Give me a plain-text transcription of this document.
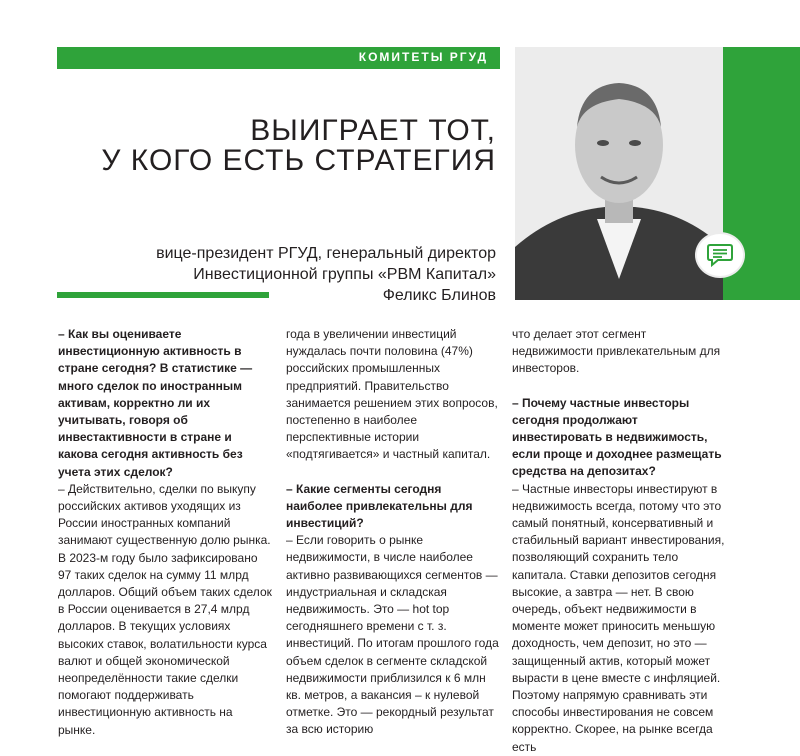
КОМИТЕТЫ РГУД
ВЫИГРАЕТ ТОТ,
У КОГО ЕСТЬ СТРАТЕГИЯ
вице-президент РГУД, генеральный директор
Инвестиционной группы «РВМ Капитал»
Феликс Блинов

– Как вы оцениваете инвестиционную активность в стране сегодня? В статистике — много сделок по иностранным активам, корректно ли их учитывать, говоря об инвестактивности в стране и какова сегодня активность без учета этих сделок?

– Действительно, сделки по выкупу российских активов уходящих из России иностранных компаний занимают существенную долю рынка. В 2023-м году было зафиксировано 97 таких сделок на сумму 11 млрд долларов. Общий объем таких сделок в России оценивается в 27,4 млрд долларов. В текущих условиях высоких ставок, волатильности курса валют и общей экономической неопределённости такие сделки помогают поддерживать инвестиционную активность на рынке.

года в увеличении инвестиций нуждалась почти половина (47%) российских промышленных предприятий. Правительство занимается решением этих вопросов, постепенно в наиболее перспективные истории «подтягивается» и частный капитал.

– Какие сегменты сегодня наиболее привлекательны для инвестиций?

– Если говорить о рынке недвижимости, в числе наиболее активно развивающихся сегментов — индустриальная и складская недвижимость. Это — hot top сегодняшнего времени с т. з. инвестиций. По итогам прошлого года объем сделок в сегменте складской недвижимости приблизился к 6 млн кв. метров, а вакансия – к нулевой отметке. Это — рекордный результат за всю историю

что делает этот сегмент недвижимости привлекательным для инвесторов.

– Почему частные инвесторы сегодня продолжают инвестировать в недвижимость, если проще и доходнее размещать средства на депозитах?

– Частные инвесторы инвестируют в недвижимость всегда, потому что это самый понятный, консервативный и стабильный вариант инвестирования, позволяющий сохранить тело капитала. Ставки депозитов сегодня высокие, а завтра — нет. В свою очередь, объект недвижимости в моменте может приносить меньшую доходность, чем депозит, но это — защищенный актив, который может вырасти в цене вместе с инфляцией. Поэтому напрямую сравнивать эти способы инвестирования не совсем корректно. Скорее, на рынке всегда есть
